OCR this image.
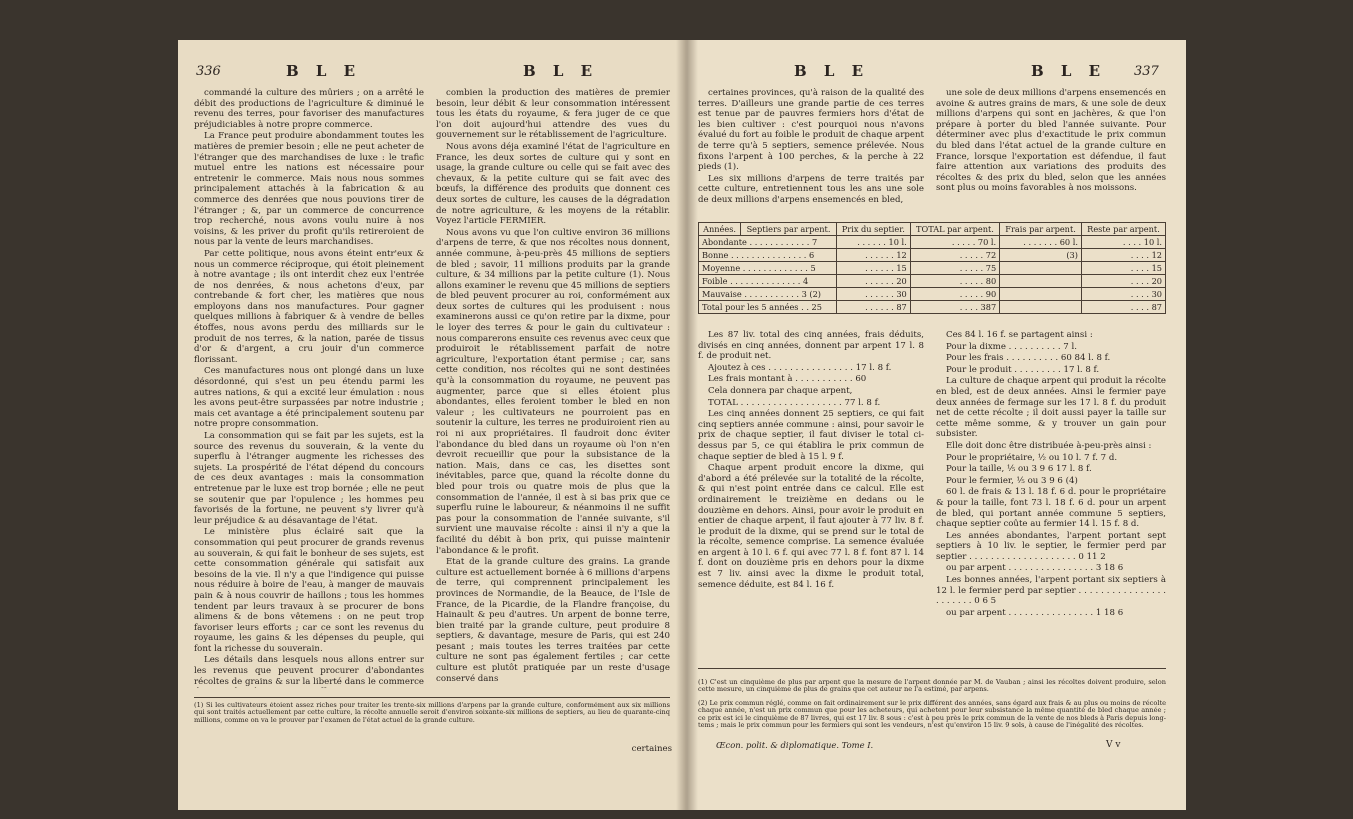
336	B L E	B L E

commandé la culture des mûriers ; on a arrêté le débit des productions de l'agriculture & diminué le revenu des terres, pour favoriser des manufactures préjudiciables à notre propre commerce.

La France peut produire abondamment toutes les matières de premier besoin ; elle ne peut acheter de l'étranger que des marchandises de luxe : le trafic mutuel entre les nations est nécessaire pour entretenir le commerce. Mais nous nous sommes principalement attachés à la fabrication & au commerce des denrées que nous pouvions tirer de l'étranger ; &, par un commerce de concurrence trop recherché, nous avons voulu nuire à nos voisins, & les priver du profit qu'ils retireroient de nous par la vente de leurs marchandises.

Par cette politique, nous avons éteint entr'eux & nous un commerce réciproque, qui étoit pleinement à notre avantage ; ils ont interdit chez eux l'entrée de nos denrées, & nous achetons d'eux, par contrebande & fort cher, les matières que nous employons dans nos manufactures. Pour gagner quelques millions à fabriquer & à vendre de belles étoffes, nous avons perdu des milliards sur le produit de nos terres, & la nation, parée de tissus d'or & d'argent, a cru jouir d'un commerce florissant.

Ces manufactures nous ont plongé dans un luxe désordonné, qui s'est un peu étendu parmi les autres nations, & qui a excité leur émulation : nous les avons peut-être surpassées par notre industrie ; mais cet avantage a été principalement soutenu par notre propre consommation.

La consommation qui se fait par les sujets, est la source des revenus du souverain, & la vente du superflu à l'étranger augmente les richesses des sujets. La prospérité de l'état dépend du concours de ces deux avantages : mais la consommation entretenue par le luxe est trop bornée ; elle ne peut se soutenir que par l'opulence ; les hommes peu favorisés de la fortune, ne peuvent s'y livrer qu'à leur préjudice & au désavantage de l'état.

Le ministère plus éclairé sait que la consommation qui peut procurer de grands revenus au souverain, & qui fait le bonheur de ses sujets, est cette consommation générale qui satisfait aux besoins de la vie. Il n'y a que l'indigence qui puisse nous réduire à boire de l'eau, à manger de mauvais pain & à nous couvrir de haillons ; tous les hommes tendent par leurs travaux à se procurer de bons alimens & de bons vêtemens : on ne peut trop favoriser leurs efforts ; car ce sont les revenus du royaume, les gains & les dépenses du peuple, qui font la richesse du souverain.

Les détails dans lesquels nous allons entrer sur les revenus que peuvent procurer d'abondantes récoltes de grains & sur la liberté dans le commerce

combien la production des matières de premier besoin, leur débit & leur consommation intéressent tous les états du royaume, & fera juger de ce que l'on doit aujourd'hui attendre des vues du gouvernement sur le rétablissement de l'agriculture.

Nous avons déja examiné l'état de l'agriculture en France, les deux sortes de culture qui y sont en usage, la grande culture ou celle qui se fait avec des chevaux, & la petite culture qui se fait avec des bœufs, la différence des produits que donnent ces deux sortes de culture, les causes de la dégradation de notre agriculture, & les moyens de la rétablir. Voyez l'article FERMIER.

Nous avons vu que l'on cultive environ 36 millions d'arpens de terre, & que nos récoltes nous donnent, année commune, à-peu-près 45 millions de septiers de bled ; savoir, 11 millions produits par la grande culture, & 34 millions par la petite culture (1). Nous allons examiner le revenu que 45 millions de septiers de bled peuvent procurer au roi, conformément aux deux sortes de cultures qui les produisent : nous examinerons aussi ce qu'on retire par la dixme, pour le loyer des terres & pour le gain du cultivateur : nous comparerons ensuite ces revenus avec ceux que produiroit le rétablissement parfait de notre agriculture, l'exportation étant permise ; car, sans cette condition, nos récoltes qui ne sont destinées qu'à la consommation du royaume, ne peuvent pas augmenter, parce que si elles étoient plus abondantes, elles feroient tomber le bled en non valeur ; les cultivateurs ne pourroient pas en soutenir la culture, les terres ne produiroient rien au roi ni aux propriétaires. Il faudroit donc éviter l'abondance du bled dans un royaume où l'on n'en devroit recueillir que pour la subsistance de la nation. Mais, dans ce cas, les disettes sont inévitables, parce que, quand la récolte donne du bled pour trois ou quatre mois de plus que la consommation de l'année, il est à si bas prix que ce superflu ruine le laboureur, & néanmoins il ne suffit pas pour la consommation de l'année suivante, s'il survient une mauvaise récolte : ainsi il n'y a que la facilité du débit à bon prix, qui puisse maintenir l'abondance & le profit.

Etat de la grande culture des grains. La grande culture est actuellement bornée à 6 millions d'arpens de terre, qui comprennent principalement les provinces de Normandie, de la Beauce, de l'Isle de France, de la Picardie, de la Flandre françoise, du Hainault & peu d'autres. Un arpent de bonne terre, bien traité par la grande culture, peut produire 8 septiers, & davantage, mesure de Paris, qui est 240 pesant ; mais toutes les terres traitées par cette culture ne sont pas également fertiles ; car cette culture est plutôt pratiquée par un reste d'usage conservé dans

(1) Si les cultivateurs étoient assez riches pour traiter les trente-six millions d'arpens par la grande culture, conformément aux six millions qui sont traités actuellement par cette culture, la récolte annuelle seroit d'environ soixante-six millions de septiers, au lieu de quarante-cinq millions, comme on va le prouver par l'examen de l'état actuel de la grande culture.
certaines
B L E	B L E 337

certaines provinces, qu'à raison de la qualité des terres. D'ailleurs une grande partie de ces terres est tenue par de pauvres fermiers hors d'état de les bien cultiver : c'est pourquoi nous n'avons évalué du fort au foible le produit de chaque arpent de terre qu'à 5 septiers, semence prélevée. Nous fixons l'arpent à 100 perches, & la perche à 22 pieds (1).

Les six millions d'arpens de terre traités par cette culture, entretiennent tous les ans une sole de deux millions d'arpens ensemencés en bled,

une sole de deux millions d'arpens ensemencés en avoine & autres grains de mars, & une sole de deux millions d'arpens qui sont en jachères, & que l'on prépare à porter du bled l'année suivante. Pour déterminer avec plus d'exactitude le prix commun du bled dans l'état actuel de la grande culture en France, lorsque l'exportation est défendue, il faut faire attention aux variations des produits des récoltes & des prix du bled, selon que les années sont plus ou moins favorables à nos moissons.

Années.	Septiers par arpent.	Prix du septier.	TOTAL par arpent.	Frais par arpent.	Reste par arpent.
Abondante . . . . . . . . . . . . 7		. . . . . . 10 l.	. . . . . 70 l.	. . . . . . . 60 l.	. . . . 10 l.
Bonne . . . . . . . . . . . . . . . 6		. . . . . . 12	. . . . . 72	(3)	. . . . 12
Moyenne . . . . . . . . . . . . . 5		. . . . . . 15	. . . . . 75		. . . . 15
Foible . . . . . . . . . . . . . . 4		. . . . . . 20	. . . . . 80		. . . . 20
Mauvaise . . . . . . . . . . . 3 (2)		. . . . . . 30	. . . . . 90		. . . . 30
Total pour les 5 années . . 25		. . . . . . 87	. . . . 387		. . . . 87

Les 87 liv. total des cinq années, frais déduits, divisés en cinq années, donnent par arpent 17 l. 8 f. de produit net.

Ajoutez à ces . . . . . . . . . . . . . . . . 17 l. 8 f.

Les frais montant à . . . . . . . . . . . 60

Cela donnera par chaque arpent,

TOTAL . . . . . . . . . . . . . . . . . . . 77 l. 8 f.

Les cinq années donnent 25 septiers, ce qui fait cinq septiers année commune : ainsi, pour savoir le prix de chaque septier, il faut diviser le total ci-dessus par 5, ce qui établira le prix commun de chaque septier de bled à 15 l. 9 f.

Chaque arpent produit encore la dixme, qui d'abord a été prélevée sur la totalité de la récolte, & qui n'est point entrée dans ce calcul. Elle est ordinairement le treizième en dedans ou le douzième en dehors. Ainsi, pour avoir le produit en entier de chaque arpent, il faut ajouter à 77 liv. 8 f. le produit de la dixme, qui se prend sur le total de la récolte, semence comprise. La semence évaluée en argent à 10 l. 6 f. qui avec 77 l. 8 f. font 87 l. 14 f. dont on douzième pris en dehors pour la dixme est 7 liv. ainsi avec la dixme le produit total, semence déduite, est 84 l. 16 f.

Ces 84 l. 16 f. se partagent ainsi :

Pour la dixme . . . . . . . . . . 7 l.

Pour les frais . . . . . . . . . . 60 84 l. 8 f.

Pour le produit . . . . . . . . . 17 l. 8 f.

La culture de chaque arpent qui produit la récolte en bled, est de deux années. Ainsi le fermier paye deux années de fermage sur les 17 l. 8 f. du produit net de cette récolte ; il doit aussi payer la taille sur cette même somme, & y trouver un gain pour subsister.

Elle doit donc être distribuée à-peu-près ainsi :

Pour le propriétaire, ½ ou 10 l. 7 f. 7 d.

Pour la taille, ⅕ ou 3 9 6 17 l. 8 f.

Pour le fermier, ⅕ ou 3 9 6 (4)

60 l. de frais & 13 l. 18 f. 6 d. pour le propriétaire & pour la taille, font 73 l. 18 f. 6 d. pour un arpent de bled, qui portant année commune 5 septiers, chaque septier coûte au fermier 14 l. 15 f. 8 d.

Les années abondantes, l'arpent portant sept septiers à 10 liv. le septier, le fermier perd par septier . . . . . . . . . . . . . . . . . . . . 0 11 2

ou par arpent . . . . . . . . . . . . . . . . 3 18 6

Les bonnes années, l'arpent portant six septiers à 12 l. le fermier perd par septier . . . . . . . . . . . . . . . . . . . . . . . 0 6 5

ou par arpent . . . . . . . . . . . . . . . . 1 18 6

(1) C'est un cinquième de plus par arpent que la mesure de l'arpent donnée par M. de Vauban ; ainsi les récoltes doivent produire, selon cette mesure, un cinquième de plus de grains que cet auteur ne l'a estimé, par arpens.

(2) Le prix commun réglé, comme on fait ordinairement sur le prix différent des années, sans égard aux frais & au plus ou moins de récolte chaque année, n'est un prix commun que pour les acheteurs, qui achetent pour leur subsistance la même quantité de bled chaque année ; ce prix est ici le cinquième de 87 livres, qui est 17 liv. 8 sous : c'est à peu près le prix commun de la vente de nos bleds à Paris depuis long-tems ; mais le prix commun pour les fermiers qui sont les vendeurs, n'est qu'environ 15 liv. 9 sols, à cause de l'inégalité des récoltes.

Œcon. polit. & diplomatique. Tome I.	V v
